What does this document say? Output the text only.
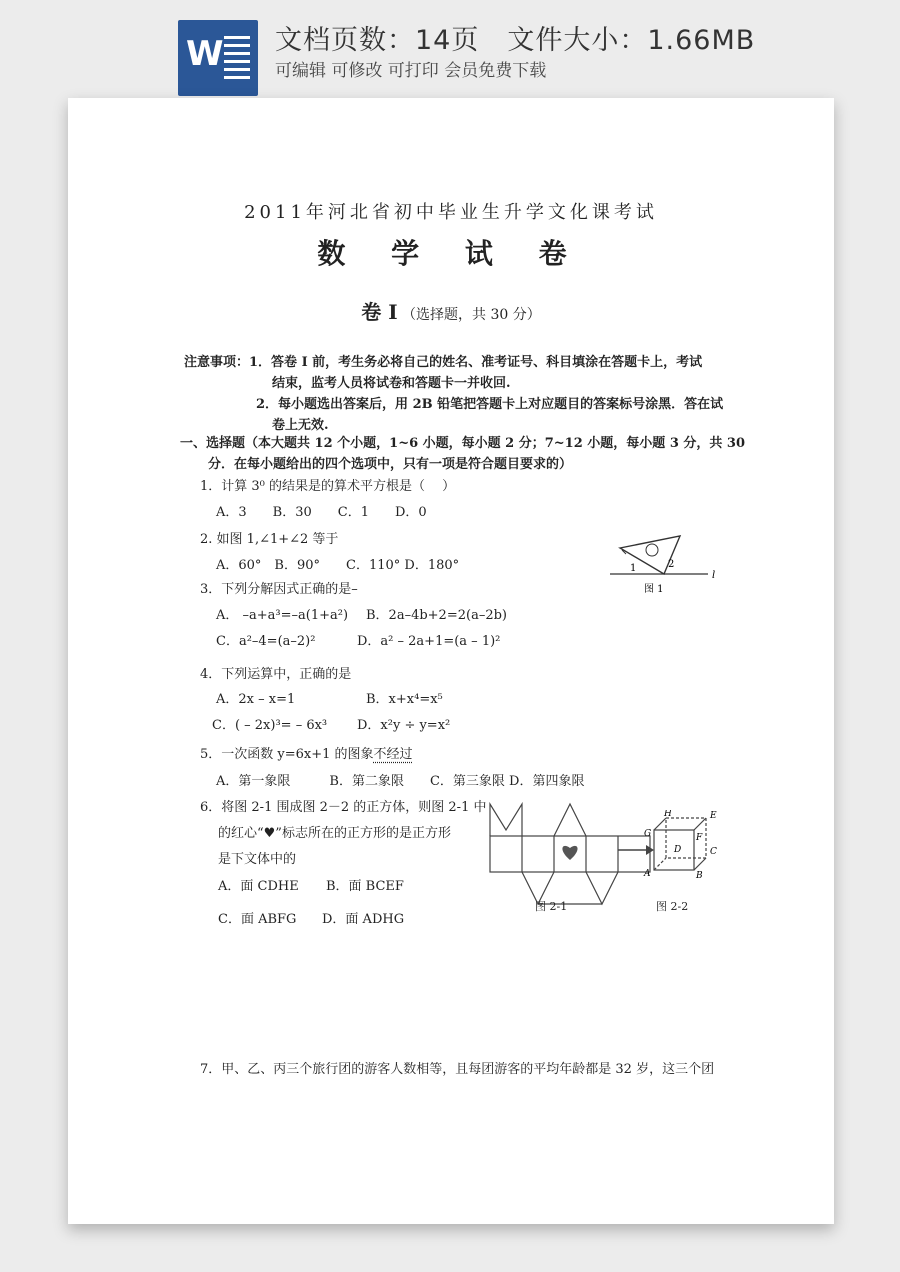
W 文档页数：14页　文件大小：1.66MB
可编辑 可修改 可打印 会员免费下载
2011年河北省初中毕业生升学文化课考试
数 学 试 卷
卷 I （选择题，共 30 分）
注意事项：1．答卷 I 前，考生务必将自己的姓名、准考证号、科目填涂在答题卡上，考试
结束，监考人员将试卷和答题卡一并收回.
2．每小题选出答案后，用 2B 铅笔把答题卡上对应题目的答案标号涂黑．答在试
卷上无效.
一、选择题（本大题共 12 个小题，1~6 小题，每小题 2 分；7~12 小题，每小题 3 分，共 30
分．在每小题给出的四个选项中，只有一项是符合题目要求的）
1．计算 3⁰ 的结果是的算术平方根是（　 ）
A．3　　B．30　　C．1　　D．0
2. 如图 1,∠1+∠2 等于
A．60°　B．90°　　C．110° D．180°	1	2
l
图 1
3．下列分解因式正确的是–
A． –a+a³=–a(1+a²) B．2a–4b+2=2(a–2b)
C．a²–4=(a–2)²	D．a² – 2a+1=(a – 1)²
4．下列运算中，正确的是
A．2x – x=1	B．x+x⁴=x⁵
C．( – 2x)³= – 6x³ D．x²y ÷ y=x²
5．一次函数 y=6x+1 的图象不经过
A．第一象限　　　B．第二象限　　C．第三象限 D．第四象限
6．将图 2-1 围成图 2－2 的正方体，则图 2-1 中
的红心“♥”标志所在的正方形的是正方形
是下文体中的
A．面 CDHE B．面 BCEF
C．面 ABFG D．面 ADHG
图 2-1
H	E
G	F
D	C
A	B
图 2-2
7．甲、乙、丙三个旅行团的游客人数相等，且每团游客的平均年龄都是 32 岁，这三个团
